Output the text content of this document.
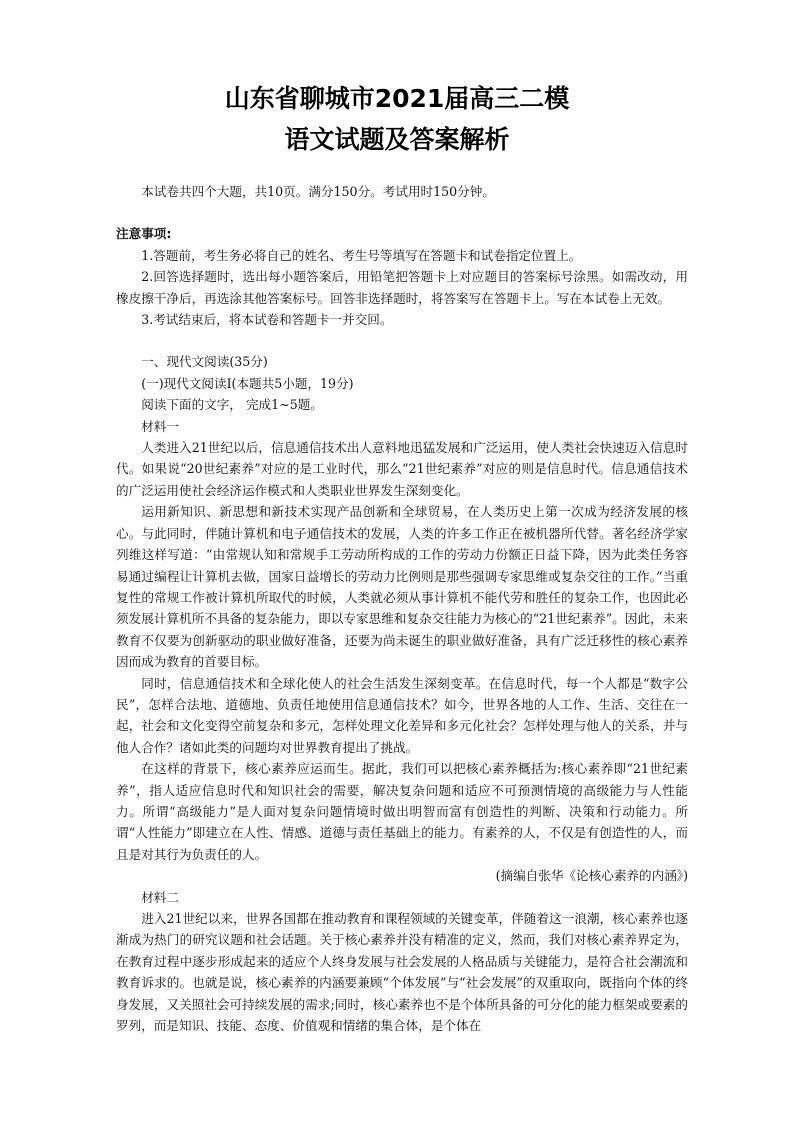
山东省聊城市2021届高三二模
语文试题及答案解析

本试卷共四个大题，共10页。满分150分。考试用时150分钟。

注意事项:

1.答题前，考生务必将自己的姓名、考生号等填写在答题卡和试卷指定位置上。

2.回答选择题时，选出每小题答案后，用铅笔把答题卡上对应题目的答案标号涂黑。如需改动，用橡皮擦干净后，再选涂其他答案标号。回答非选择题时，将答案写在答题卡上。写在本试卷上无效。

3.考试结束后，将本试卷和答题卡一并交回。

一、现代文阅读(35分)

(一)现代文阅读Ⅰ(本题共5小题，19分)

阅读下面的文字， 完成1~5题。

材料一

人类进入21世纪以后，信息通信技术出人意料地迅猛发展和广泛运用，使人类社会快速迈入信息时代。如果说“20世纪素养”对应的是工业时代，那么“21世纪素养”对应的则是信息时代。信息通信技术的广泛运用使社会经济运作模式和人类职业世界发生深刻变化。

运用新知识、新思想和新技术实现产品创新和全球贸易，在人类历史上第一次成为经济发展的核心。与此同时，伴随计算机和电子通信技术的发展，人类的许多工作正在被机器所代替。著名经济学家列维这样写道：“由常规认知和常规手工劳动所构成的工作的劳动力份额正日益下降，因为此类任务容易通过编程让计算机去做，国家日益增长的劳动力比例则是那些强调专家思维或复杂交往的工作。”当重复性的常规工作被计算机所取代的时候，人类就必须从事计算机不能代劳和胜任的复杂工作，也因此必须发展计算机所不具备的复杂能力，即以专家思维和复杂交往能力为核心的“21世纪素养”。因此，未来教育不仅要为创新驱动的职业做好准备，还要为尚未诞生的职业做好准备，具有广泛迁移性的核心素养因而成为教育的首要目标。

同时，信息通信技术和全球化使人的社会生活发生深刻变革。在信息时代，每一个人都是“数字公民”，怎样合法地、道德地、负责任地使用信息通信技术？如今，世界各地的人工作、生活、交往在一起，社会和文化变得空前复杂和多元，怎样处理文化差异和多元化社会？怎样处理与他人的关系，并与他人合作？诸如此类的问题均对世界教育提出了挑战。

在这样的背景下，核心素养应运而生。据此，我们可以把核心素养概括为:核心素养即“21世纪素养”，指人适应信息时代和知识社会的需要，解决复杂问题和适应不可预测情境的高级能力与人性能力。所谓“高级能力”是人面对复杂问题情境时做出明智而富有创造性的判断、决策和行动能力。所谓“人性能力”即建立在人性、情感、道德与责任基础上的能力。有素养的人，不仅是有创造性的人，而且是对其行为负责任的人。

(摘编自张华《论核心素养的内涵》)

材料二

进入21世纪以来，世界各国都在推动教育和课程领域的关键变革，伴随着这一浪潮，核心素养也逐渐成为热门的研究议题和社会话题。关于核心素养并没有精准的定义，然而，我们对核心素养界定为，在教育过程中逐步形成起来的适应个人终身发展与社会发展的人格品质与关键能力，是符合社会潮流和教育诉求的。也就是说，核心素养的内涵要兼顾“个体发展”与“社会发展”的双重取向，既指向个体的终身发展，又关照社会可持续发展的需求;同时，核心素养也不是个体所具备的可分化的能力框架或要素的罗列，而是知识、技能、态度、价值观和情绪的集合体，是个体在
